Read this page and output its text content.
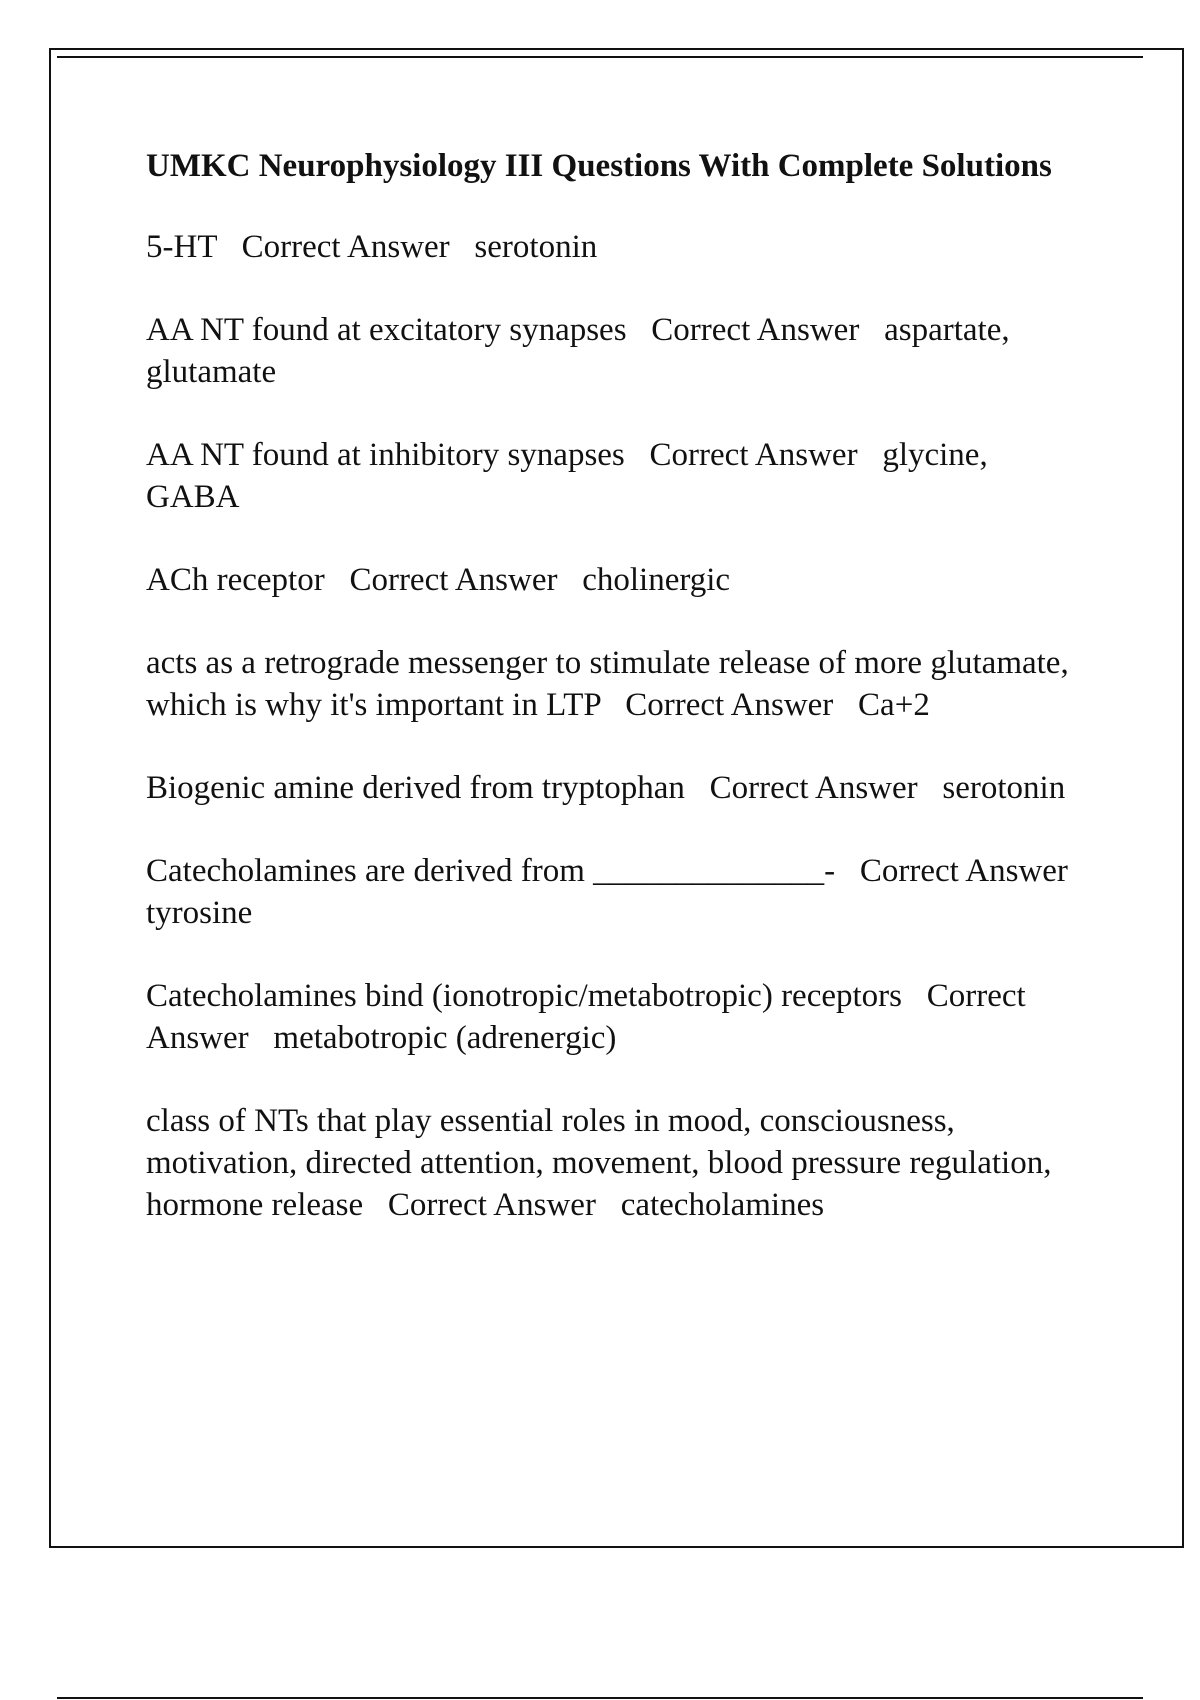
UMKC Neurophysiology III Questions With Complete Solutions
5-HT Correct Answer serotonin
AA NT found at excitatory synapses Correct Answer aspartate, glutamate
AA NT found at inhibitory synapses Correct Answer glycine, GABA
ACh receptor Correct Answer cholinergic
acts as a retrograde messenger to stimulate release of more glutamate, which is why it's important in LTP Correct Answer Ca+2
Biogenic amine derived from tryptophan Correct Answer serotonin
Catecholamines are derived from ______________- Correct Answer   tyrosine
Catecholamines bind (ionotropic/metabotropic) receptors Correct Answer metabotropic (adrenergic)
class of NTs that play essential roles in mood, consciousness, motivation, directed attention, movement, blood pressure regulation, hormone release Correct Answer catecholamines
